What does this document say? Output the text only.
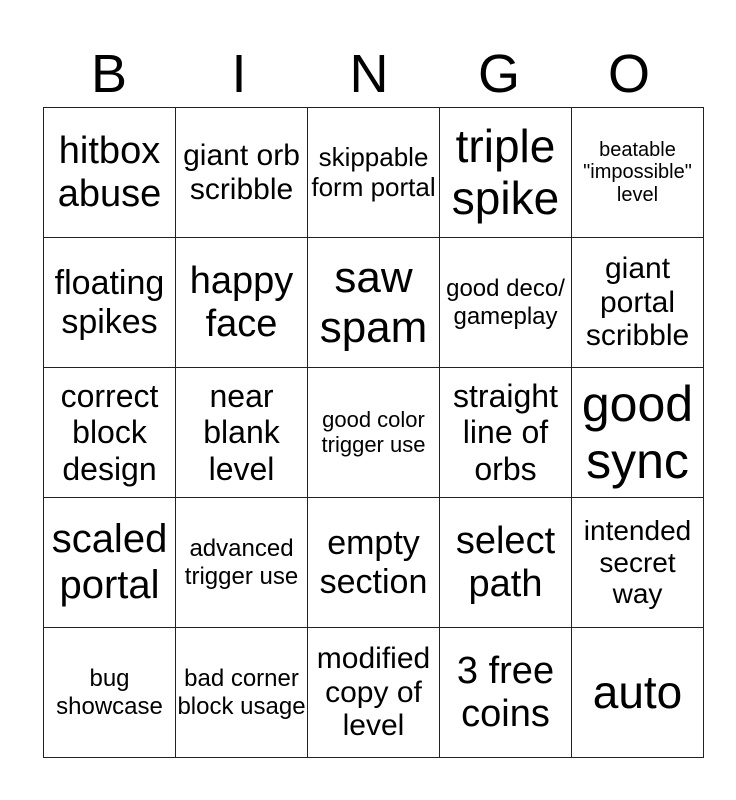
B	I	N	G	O
hitbox abuse	giant orb scribble	skippable form portal	triple spike	beatable "impossible" level
floating spikes	happy face	saw spam	good deco/ gameplay	giant portal scribble
correct block design	near blank level	good color trigger use	straight line of orbs	good sync
scaled portal	advanced trigger use	empty section	select path	intended secret way
bug showcase	bad corner block usage	modified copy of level	3 free coins	auto
